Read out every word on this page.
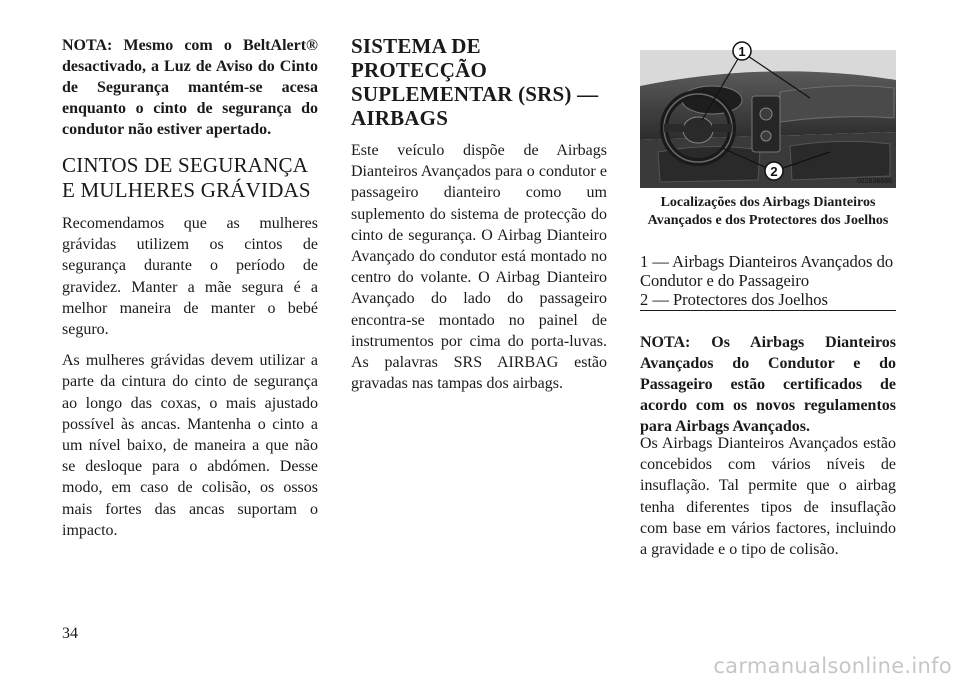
NOTA: Mesmo com o BeltAlert® desactivado, a Luz de Aviso do Cinto de Segurança mantém-se acesa enquanto o cinto de segurança do condutor não estiver apertado.

CINTOS DE SEGURANÇA E MULHERES GRÁVIDAS

Recomendamos que as mulheres grávidas utilizem os cintos de segurança durante o período de gravidez. Manter a mãe segura é a melhor maneira de manter o bebé seguro.

As mulheres grávidas devem utilizar a parte da cintura do cinto de segurança ao longo das coxas, o mais ajustado possível às ancas. Mantenha o cinto a um nível baixo, de maneira a que não se desloque para o abdómen. Desse modo, em caso de colisão, os ossos mais fortes das ancas suportam o impacto.

SISTEMA DE PROTECÇÃO SUPLEMENTAR (SRS) — AIRBAGS

Este veículo dispõe de Airbags Dianteiros Avançados para o condutor e passageiro dianteiro como um suplemento do sistema de protecção do cinto de segurança. O Airbag Dianteiro Avançado do condutor está montado no centro do volante. O Airbag Dianteiro Avançado do lado do passageiro encontra-se montado no painel de instrumentos por cima do porta-luvas. As palavras SRS AIRBAG estão gravadas nas tampas dos airbags.

1
2
022636666
Localizações dos Airbags Dianteiros Avançados e dos Protectores dos Joelhos
1 — Airbags Dianteiros Avançados do Condutor e do Passageiro
2 — Protectores dos Joelhos
NOTA: Os Airbags Dianteiros Avançados do Condutor e do Passageiro estão certificados de acordo com os novos regulamentos para Airbags Avançados.
Os Airbags Dianteiros Avançados estão concebidos com vários níveis de insuflação. Tal permite que o airbag tenha diferentes tipos de insuflação com base em vários factores, incluindo a gravidade e o tipo de colisão.
34
carmanualsonline.info
